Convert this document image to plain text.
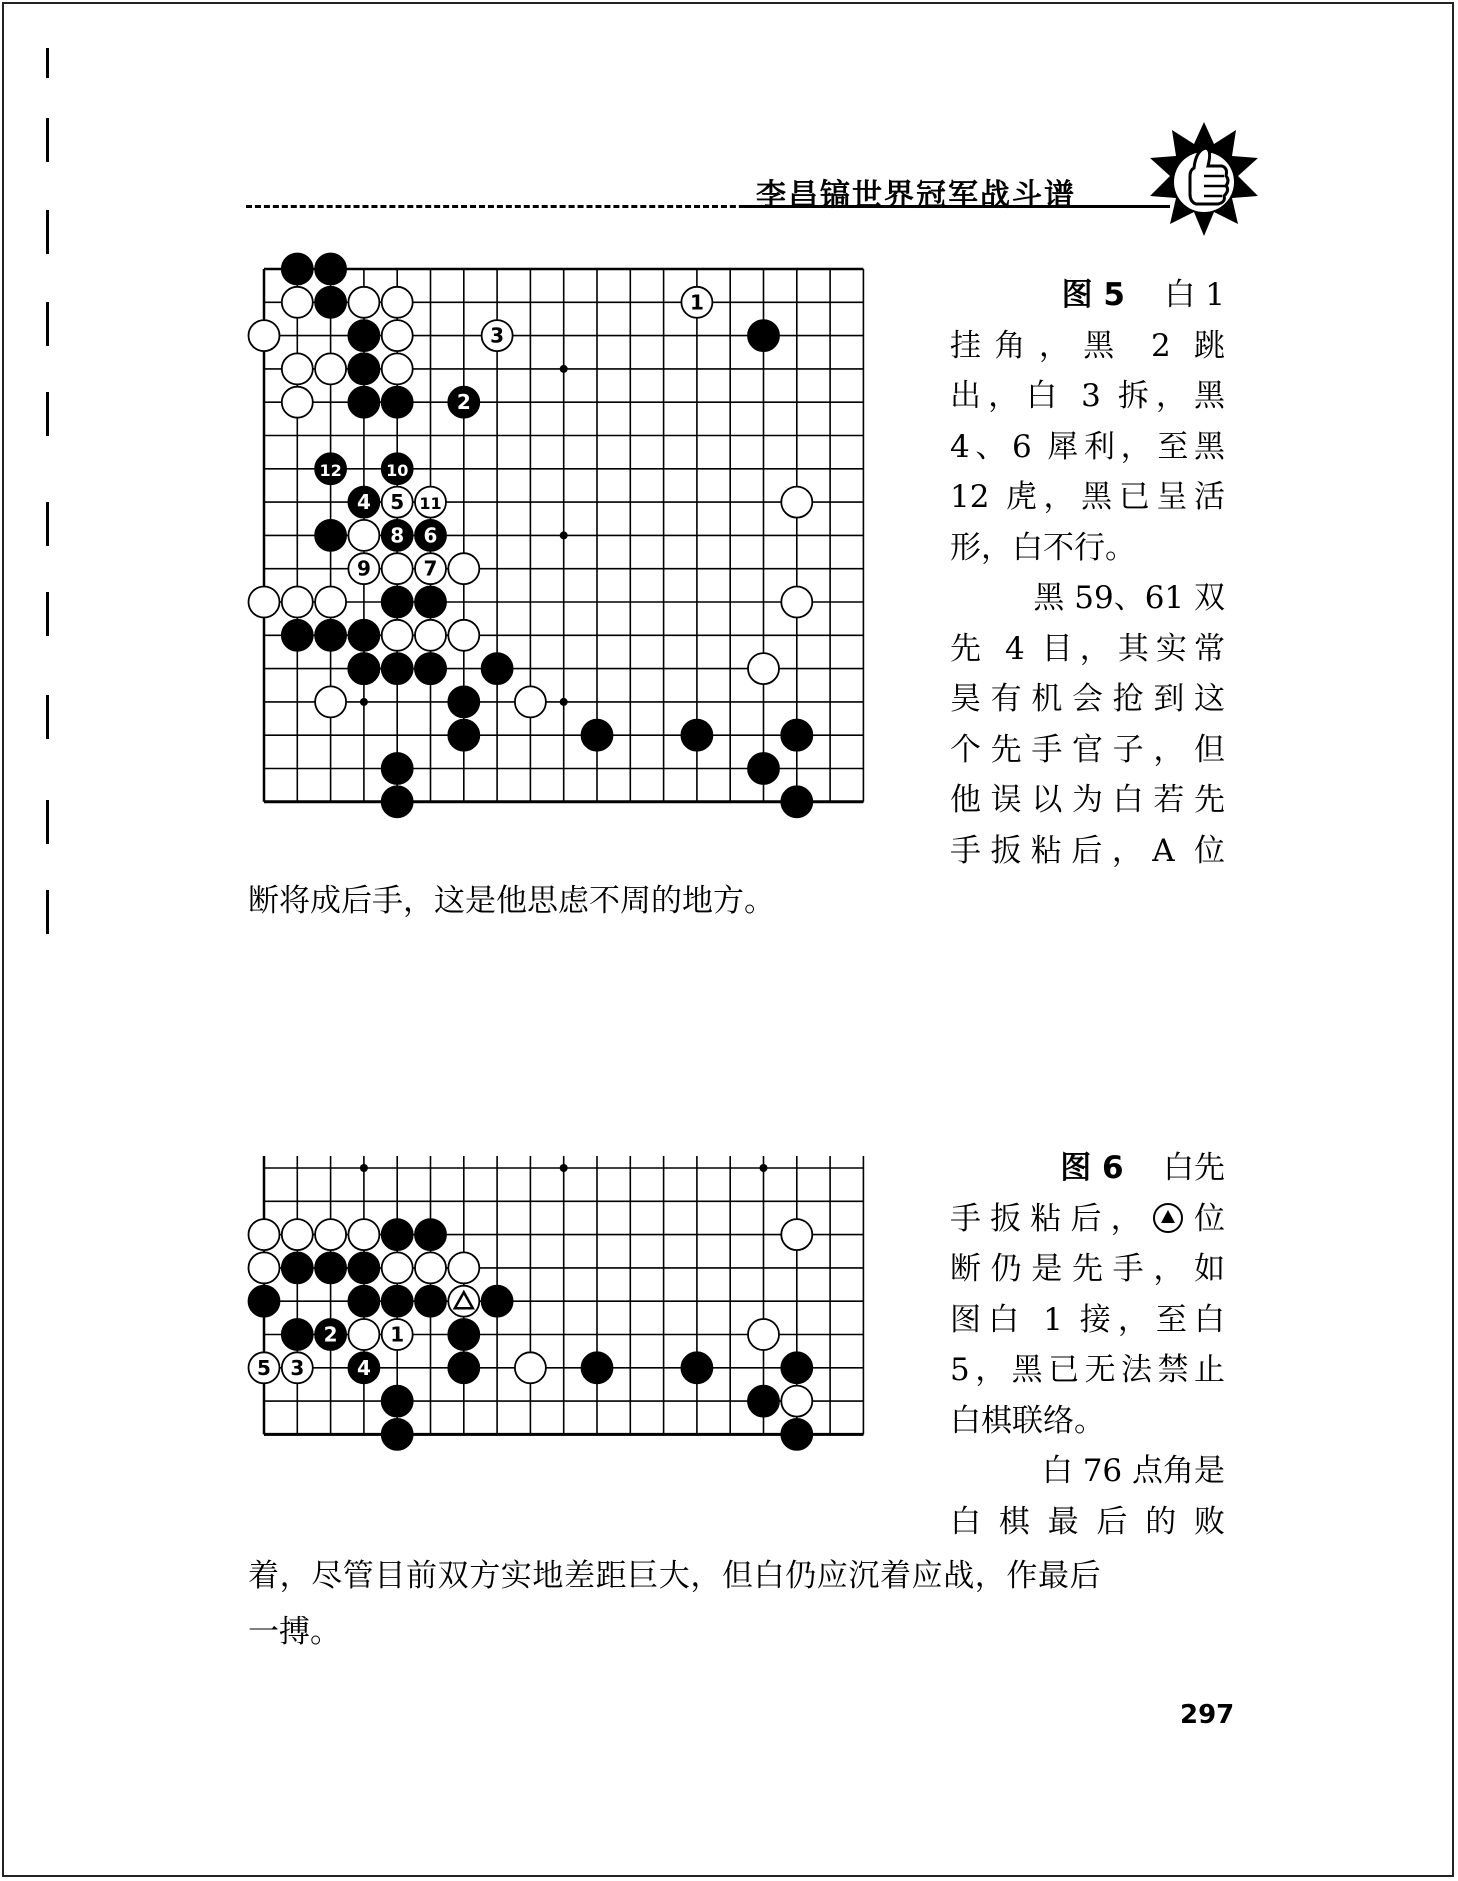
李昌镐世界冠军战斗谱
1
2
3
4 5
6
7
8
9
10
11
12

图 5 白 1

挂角，黑 2 跳

出，白 3 拆，黑

4、6 犀利，至黑

12 虎，黑已呈活

形，白不行。

黑 59、61 双

先 4 目，其实常

昊有机会抢到这

个先手官子，但

他误以为白若先

手扳粘后，A 位

断将成后手，这是他思虑不周的地方。
1
2
3	4
5

图 6 白先

手扳粘后， 位

断仍是先手，如

图白 1 接，至白

5，黑已无法禁止

白棋联络。

白 76 点角是

白棋最后的败

着，尽管目前双方实地差距巨大，但白仍应沉着应战，作最后
一搏。
297
